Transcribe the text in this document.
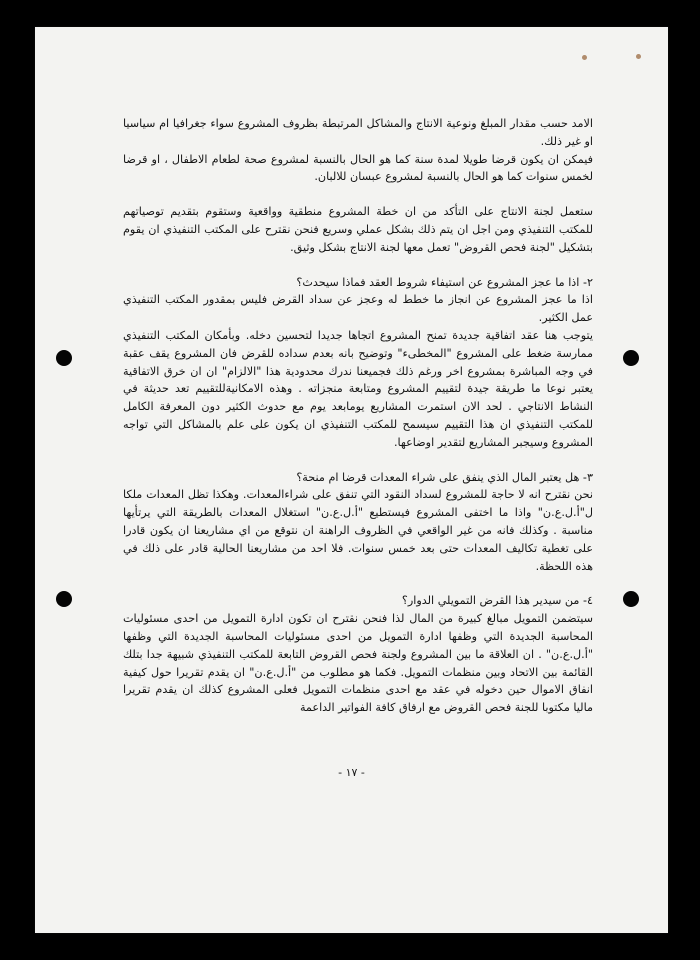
الامد حسب مقدار المبلغ ونوعية الانتاج والمشاكل المرتبطة بظروف المشروع سواء جغرافيا ام سياسيا او غير ذلك.

فيمكن ان يكون قرضا طويلا لمدة سنة كما هو الحال بالنسبة لمشروع صحة لطعام الاطفال ، او قرضا لخمس سنوات كما هو الحال بالنسبة لمشروع عبسان للالبان.

ستعمل لجنة الانتاج على التأكد من ان خطة المشروع منطقية وواقعية وستقوم بتقديم توصياتهم للمكتب التنفيذي ومن اجل ان يتم ذلك بشكل عملي وسريع فنحن نقترح على المكتب التنفيذي ان يقوم بتشكيل "لجنة فحص القروض" تعمل معها لجنة الانتاج بشكل وثيق.

٢- اذا ما عجز المشروع عن استيفاء شروط العقد فماذا سيحدث؟

اذا ما عجز المشروع عن انجاز ما خطط له وعجز عن سداد القرض فليس بمقدور المكتب التنفيذي عمل الكثير.

يتوجب هنا عقد اتفاقية جديدة تمنح المشروع اتجاها جديدا لتحسين دخله. وبأمكان المكتب التنفيذي ممارسة ضغط على المشروع "المخطىء" وتوضيح بانه بعدم سداده للقرض فان المشروع يقف عقبة في وجه المباشرة بمشروع اخر ورغم ذلك فجميعنا ندرك محدودية هذا "الالزام" ان ان خرق الاتفاقية يعتبر نوعا ما طريقة جيدة لتقييم المشروع ومتابعة منجزاته . وهذه الامكانيةللتقييم تعد حديثة في النشاط الانتاجي . لحد الان استمرت المشاريع يومابعد يوم مع حدوث الكثير دون المعرفة الكامل للمكتب التنفيذي ان هذا التقييم سيسمح للمكتب التنفيذي ان يكون على علم بالمشاكل التي تواجه المشروع وسيجبر المشاريع لتقدير اوضاعها.

٣- هل يعتبر المال الذي ينفق على شراء المعدات قرضا ام منحة؟

نحن نقترح انه لا حاجة للمشروع لسداد النقود التي تنفق على شراءالمعدات. وهكذا تظل المعدات ملكا ل"أ.ل.ع.ن" واذا ما اختفى المشروع فيستطيع "أ.ل.ع.ن" استغلال المعدات بالطريقة التي يرتأيها مناسبة . وكذلك فانه من غير الواقعي في الظروف الراهنة ان نتوقع من اي مشاريعنا ان يكون قادرا على تغطية تكاليف المعدات حتى بعد خمس سنوات. فلا احد من مشاريعنا الحالية قادر على ذلك في هذه اللحظة.

٤- من سيدير هذا القرض التمويلي الدوار؟

سيتضمن التمويل مبالغ كبيرة من المال لذا فنحن نقترح ان تكون ادارة التمويل من احدى مسئوليات المحاسبة الجديدة التي وظفها ادارة التمويل من احدى مسئوليات المحاسبة الجديدة التي وظفها "أ.ل.ع.ن" . ان العلاقة ما بين المشروع ولجنة فحص القروض التابعة للمكتب التنفيذي شبيهة جدا بتلك القائمة بين الاتحاد وبين منظمات التمويل. فكما هو مطلوب من "أ.ل.ع.ن" ان يقدم تقريرا حول كيفية انفاق الاموال حين دخوله في عقد مع احدى منظمات التمويل فعلى المشروع كذلك ان يقدم تقريرا ماليا مكتوبا للجنة فحص القروض مع ارفاق كافة الفواتير الداعمة

- ١٧ -
